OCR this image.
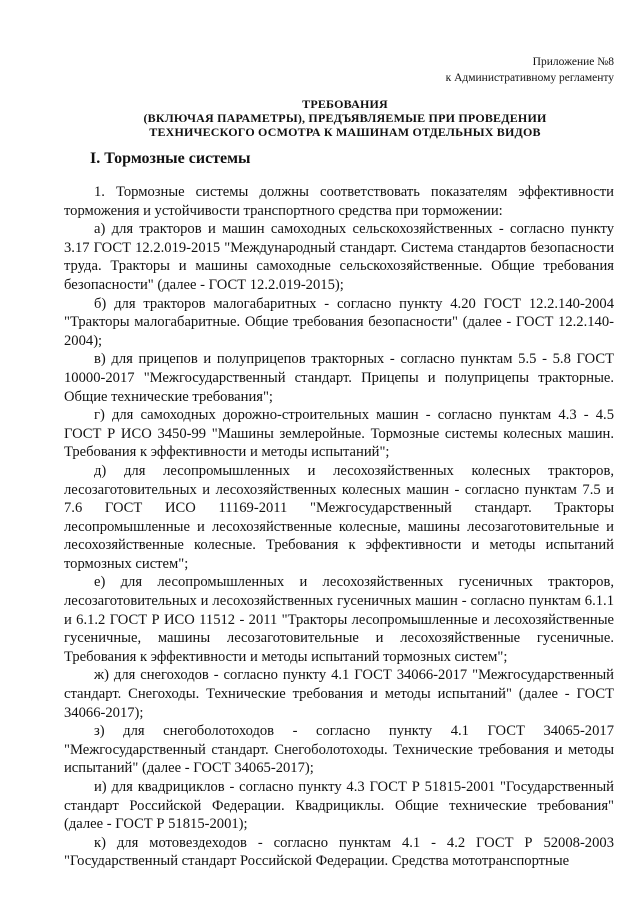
Приложение №8
к Административному регламенту
ТРЕБОВАНИЯ
(ВКЛЮЧАЯ ПАРАМЕТРЫ), ПРЕДЪЯВЛЯЕМЫЕ ПРИ ПРОВЕДЕНИИ
ТЕХНИЧЕСКОГО ОСМОТРА К МАШИНАМ ОТДЕЛЬНЫХ ВИДОВ
I. Тормозные системы

1. Тормозные системы должны соответствовать показателям эффективности торможения и устойчивости транспортного средства при торможении:

а) для тракторов и машин самоходных сельскохозяйственных - согласно пункту 3.17 ГОСТ 12.2.019-2015 "Международный стандарт. Система стандартов безопасности труда. Тракторы и машины самоходные сельскохозяйственные. Общие требования безопасности" (далее - ГОСТ 12.2.019-2015);

б) для тракторов малогабаритных - согласно пункту 4.20 ГОСТ 12.2.140-2004 "Тракторы малогабаритные. Общие требования безопасности" (далее - ГОСТ 12.2.140-2004);

в) для прицепов и полуприцепов тракторных - согласно пунктам 5.5 - 5.8 ГОСТ 10000-2017 "Межгосударственный стандарт. Прицепы и полуприцепы тракторные. Общие технические требования";

г) для самоходных дорожно-строительных машин - согласно пунктам 4.3 - 4.5 ГОСТ Р ИСО 3450-99 "Машины землеройные. Тормозные системы колесных машин. Требования к эффективности и методы испытаний";

д) для лесопромышленных и лесохозяйственных колесных тракторов, лесозаготовительных и лесохозяйственных колесных машин - согласно пунктам 7.5 и 7.6 ГОСТ ИСО 11169-2011 "Межгосударственный стандарт. Тракторы лесопромышленные и лесохозяйственные колесные, машины лесозаготовительные и лесохозяйственные колесные. Требования к эффективности и методы испытаний тормозных систем";

е) для лесопромышленных и лесохозяйственных гусеничных тракторов, лесозаготовительных и лесохозяйственных гусеничных машин - согласно пунктам 6.1.1 и 6.1.2 ГОСТ Р ИСО 11512 - 2011 "Тракторы лесопромышленные и лесохозяйственные гусеничные, машины лесозаготовительные и лесохозяйственные гусеничные. Требования к эффективности и методы испытаний тормозных систем";

ж) для снегоходов - согласно пункту 4.1 ГОСТ 34066-2017 "Межгосударственный стандарт. Снегоходы. Технические требования и методы испытаний" (далее - ГОСТ 34066-2017);

з) для снегоболотоходов - согласно пункту 4.1 ГОСТ 34065-2017 "Межгосударственный стандарт. Снегоболотоходы. Технические требования и методы испытаний" (далее - ГОСТ 34065-2017);

и) для квадрициклов - согласно пункту 4.3 ГОСТ Р 51815-2001 "Государственный стандарт Российской Федерации. Квадрициклы. Общие технические требования" (далее - ГОСТ Р 51815-2001);

к) для мотовездеходов - согласно пунктам 4.1 - 4.2 ГОСТ Р 52008-2003 "Государственный стандарт Российской Федерации. Средства мототранспортные
